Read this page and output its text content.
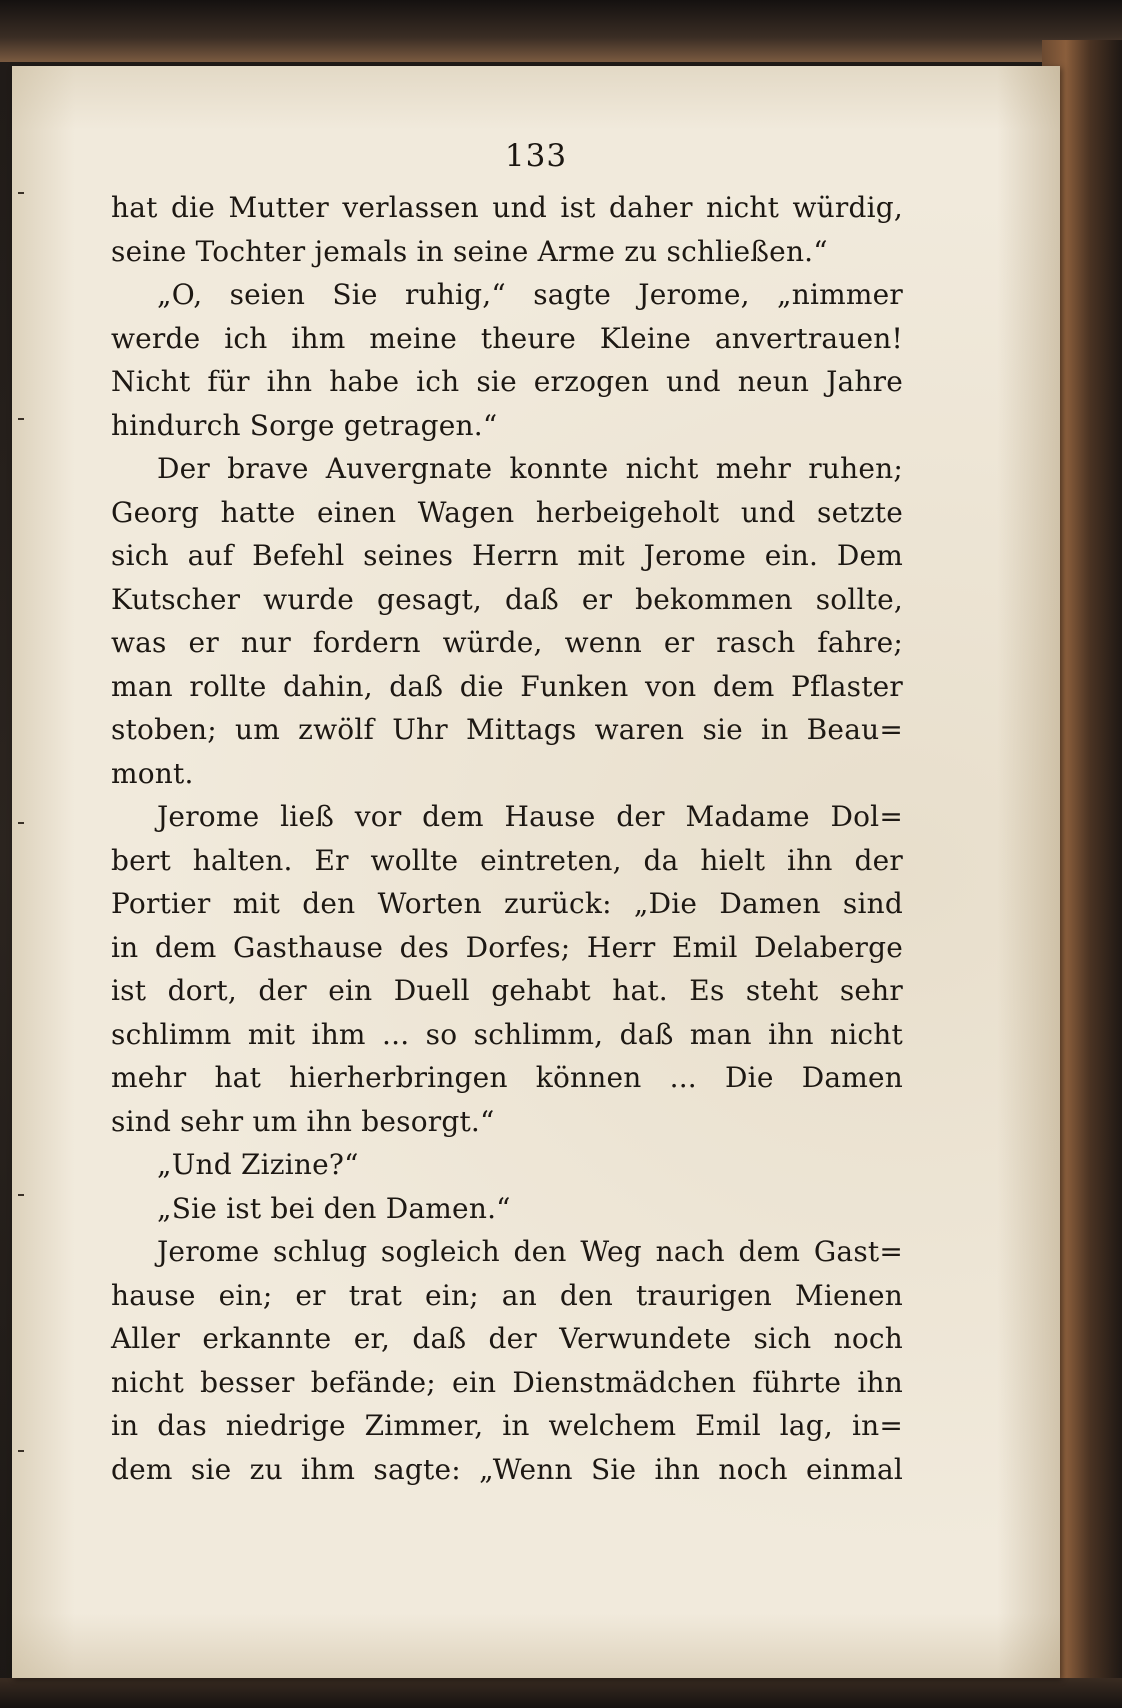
133
hat die Mutter verlassen und ist daher nicht würdig,
seine Tochter jemals in seine Arme zu schließen.“
„O, seien Sie ruhig,“ sagte Jerome, „nimmer
werde ich ihm meine theure Kleine anvertrauen!
Nicht für ihn habe ich sie erzogen und neun Jahre
hindurch Sorge getragen.“
Der brave Auvergnate konnte nicht mehr ruhen;
Georg hatte einen Wagen herbeigeholt und setzte
sich auf Befehl seines Herrn mit Jerome ein. Dem
Kutscher wurde gesagt, daß er bekommen sollte,
was er nur fordern würde, wenn er rasch fahre;
man rollte dahin, daß die Funken von dem Pflaster
stoben; um zwölf Uhr Mittags waren sie in Beau=
mont.
Jerome ließ vor dem Hause der Madame Dol=
bert halten. Er wollte eintreten, da hielt ihn der
Portier mit den Worten zurück: „Die Damen sind
in dem Gasthause des Dorfes; Herr Emil Delaberge
ist dort, der ein Duell gehabt hat. Es steht sehr
schlimm mit ihm ... so schlimm, daß man ihn nicht
mehr hat hierherbringen können ... Die Damen
sind sehr um ihn besorgt.“
„Und Zizine?“
„Sie ist bei den Damen.“
Jerome schlug sogleich den Weg nach dem Gast=
hause ein; er trat ein; an den traurigen Mienen
Aller erkannte er, daß der Verwundete sich noch
nicht besser befände; ein Dienstmädchen führte ihn
in das niedrige Zimmer, in welchem Emil lag, in=
dem sie zu ihm sagte: „Wenn Sie ihn noch einmal
